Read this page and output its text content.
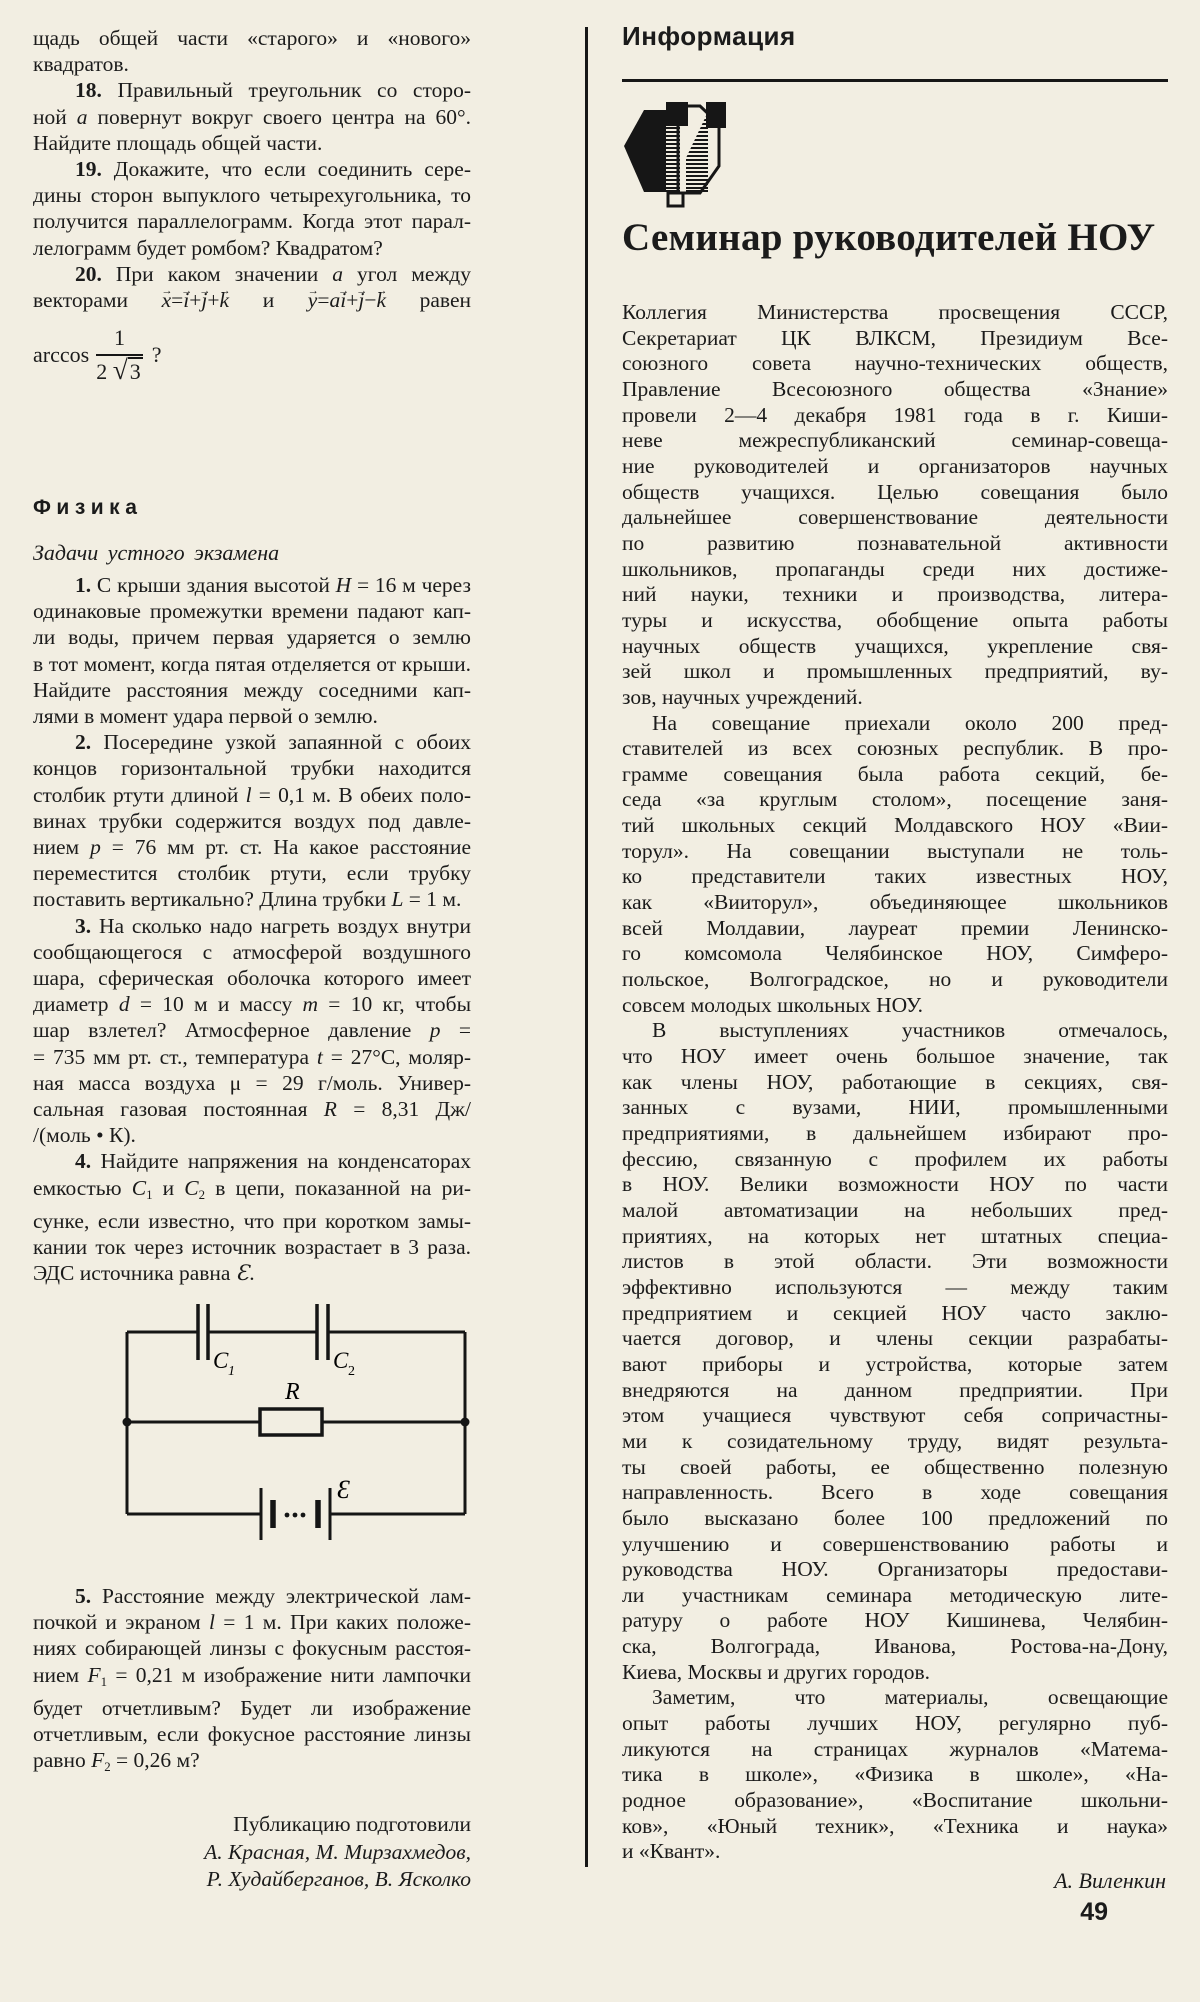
щадь общей части «старого» и «нового»
квадратов.
18. Правильный треугольник со сторо-
ной a повернут вокруг своего центра на 60°.
Найдите площадь общей части.
19. Докажите, что если соединить сере-
дины сторон выпуклого четырехугольника, то
получится параллелограмм. Когда этот парал-
лелограмм будет ромбом? Квадратом?
20. При каком значении a угол между
векторами x →=i →+j →+k → и y →=ai →+j →−k → равен
$\arccos \frac{1}{2 √3}$ ?
Физика
Задачи устного экзамена
1. С крыши здания высотой H = 16 м через
одинаковые промежутки времени падают кап-
ли воды, причем первая ударяется о землю
в тот момент, когда пятая отделяется от крыши.
Найдите расстояния между соседними кап-
лями в момент удара первой о землю.
2. Посередине узкой запаянной с обоих
концов горизонтальной трубки находится
столбик ртути длиной l = 0,1 м. В обеих поло-
винах трубки содержится воздух под давле-
нием p = 76 мм рт. ст. На какое расстояние
переместится столбик ртути, если трубку
поставить вертикально? Длина трубки L = 1 м.
3. На сколько надо нагреть воздух внутри
сообщающегося с атмосферой воздушного
шара, сферическая оболочка которого имеет
диаметр d = 10 м и массу m = 10 кг, чтобы
шар взлетел? Атмосферное давление p =
= 735 мм рт. ст., температура t = 27°С, моляр-
ная масса воздуха μ = 29 г/моль. Универ-
сальная газовая постоянная R = 8,31 Дж/
/(моль • К).
4. Найдите напряжения на конденсаторах
емкостью C1 и C2 в цепи, показанной на ри-
сунке, если известно, что при коротком замы-
кании ток через источник возрастает в 3 раза.
ЭДС источника равна Ɛ.
C 1	C 2
R
Ɛ
5. Расстояние между электрической лам-
почкой и экраном l = 1 м. При каких положе-
ниях собирающей линзы с фокусным расстоя-
нием F1 = 0,21 м изображение нити лампочки
будет отчетливым? Будет ли изображение
отчетливым, если фокусное расстояние линзы
равно F2 = 0,26 м?
Публикацию подготовили
А. Красная, М. Мирзахмедов,
Р. Худайберганов, В. Ясколко
Информация
Семинар руководителей НОУ
Коллегия Министерства просвещения СССР,
Секретариат ЦК ВЛКСМ, Президиум Все-
союзного совета научно-технических обществ,
Правление Всесоюзного общества «Знание»
провели 2—4 декабря 1981 года в г. Киши-
неве межреспубликанский семинар-совеща-
ние руководителей и организаторов научных
обществ учащихся. Целью совещания было
дальнейшее совершенствование деятельности
по развитию познавательной активности
школьников, пропаганды среди них достиже-
ний науки, техники и производства, литера-
туры и искусства, обобщение опыта работы
научных обществ учащихся, укрепление свя-
зей школ и промышленных предприятий, ву-
зов, научных учреждений.
На совещание приехали около 200 пред-
ставителей из всех союзных республик. В про-
грамме совещания была работа секций, бе-
седа «за круглым столом», посещение заня-
тий школьных секций Молдавского НОУ «Вии-
торул». На совещании выступали не толь-
ко представители таких известных НОУ,
как «Вииторул», объединяющее школьников
всей Молдавии, лауреат премии Ленинско-
го комсомола Челябинское НОУ, Симферо-
польское, Волгоградское, но и руководители
совсем молодых школьных НОУ.
В выступлениях участников отмечалось,
что НОУ имеет очень большое значение, так
как члены НОУ, работающие в секциях, свя-
занных с вузами, НИИ, промышленными
предприятиями, в дальнейшем избирают про-
фессию, связанную с профилем их работы
в НОУ. Велики возможности НОУ по части
малой автоматизации на небольших пред-
приятиях, на которых нет штатных специа-
листов в этой области. Эти возможности
эффективно используются — между таким
предприятием и секцией НОУ часто заклю-
чается договор, и члены секции разрабаты-
вают приборы и устройства, которые затем
внедряются на данном предприятии. При
этом учащиеся чувствуют себя сопричастны-
ми к созидательному труду, видят результа-
ты своей работы, ее общественно полезную
направленность. Всего в ходе совещания
было высказано более 100 предложений по
улучшению и совершенствованию работы и
руководства НОУ. Организаторы предостави-
ли участникам семинара методическую лите-
ратуру о работе НОУ Кишинева, Челябин-
ска, Волгограда, Иванова, Ростова-на-Дону,
Киева, Москвы и других городов.
Заметим, что материалы, освещающие
опыт работы лучших НОУ, регулярно пуб-
ликуются на страницах журналов «Матема-
тика в школе», «Физика в школе», «На-
родное образование», «Воспитание школьни-
ков», «Юный техник», «Техника и наука»
и «Квант».
А. Виленкин
49
